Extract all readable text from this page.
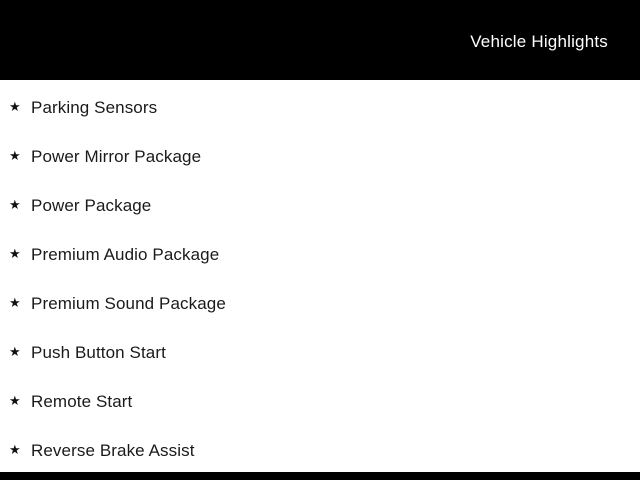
Vehicle Highlights
★ Parking Sensors
★ Power Mirror Package
★ Power Package
★ Premium Audio Package
★ Premium Sound Package
★ Push Button Start
★ Remote Start
★ Reverse Brake Assist
